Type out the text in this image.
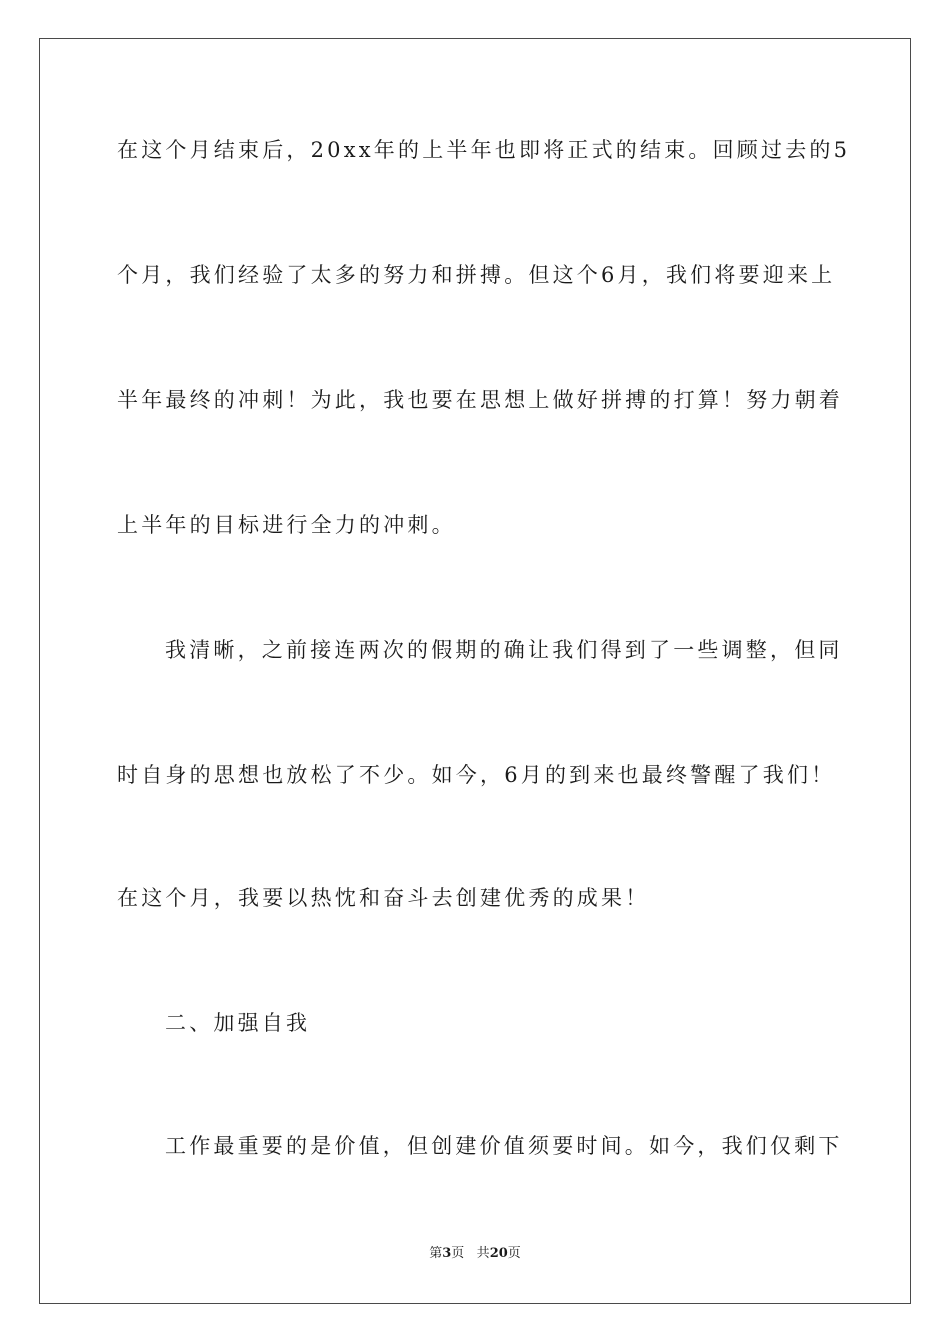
在这个月结束后，20xx年的上半年也即将正式的结束。回顾过去的5
个月，我们经验了太多的努力和拼搏。但这个6月，我们将要迎来上
半年最终的冲刺！为此，我也要在思想上做好拼搏的打算！努力朝着
上半年的目标进行全力的冲刺。
我清晰，之前接连两次的假期的确让我们得到了一些调整，但同
时自身的思想也放松了不少。如今，6月的到来也最终警醒了我们！
在这个月，我要以热忱和奋斗去创建优秀的成果！
二、加强自我
工作最重要的是价值，但创建价值须要时间。如今，我们仅剩下
第3页 共20页
